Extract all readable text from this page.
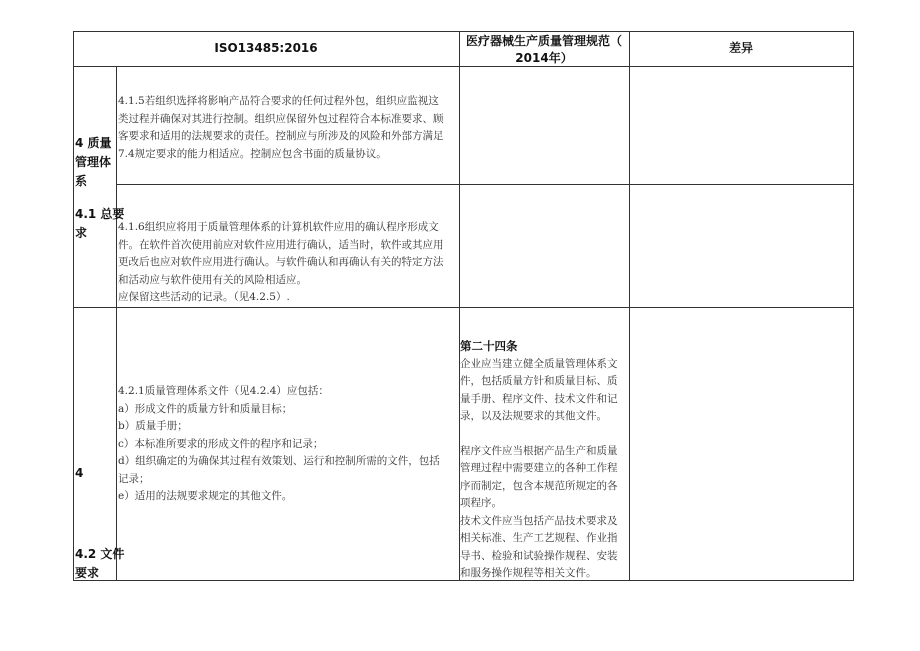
ISO13485:2016	医疗器械生产质量管理规范（
2014年）
差异
4 质量
管理体
系
4.1 总要
求
4
4.2 文件
要求

4.1.5若组织选择将影响产品符合要求的任何过程外包，组织应监视这

类过程并确保对其进行控制。组织应保留外包过程符合本标准要求、顾

客要求和适用的法规要求的责任。控制应与所涉及的风险和外部方满足

7.4规定要求的能力相适应。控制应包含书面的质量协议。

4.1.6组织应将用于质量管理体系的计算机软件应用的确认程序形成文

件。在软件首次使用前应对软件应用进行确认，适当时，软件或其应用

更改后也应对软件应用进行确认。与软件确认和再确认有关的特定方法

和活动应与软件使用有关的风险相适应。

应保留这些活动的记录。（见4.2.5）.

4.2.1质量管理体系文件（见4.2.4）应包括：

a）形成文件的质量方针和质量目标；

b）质量手册；

c）本标准所要求的形成文件的程序和记录；

d）组织确定的为确保其过程有效策划、运行和控制所需的文件，包括

记录；

e）适用的法规要求规定的其他文件。

第二十四条

企业应当建立健全质量管理体系文

件，包括质量方针和质量目标、质

量手册、程序文件、技术文件和记

录，以及法规要求的其他文件。

程序文件应当根据产品生产和质量

管理过程中需要建立的各种工作程

序而制定，包含本规范所规定的各

项程序。

技术文件应当包括产品技术要求及

相关标准、生产工艺规程、作业指

导书、检验和试验操作规程、安装

和服务操作规程等相关文件。
